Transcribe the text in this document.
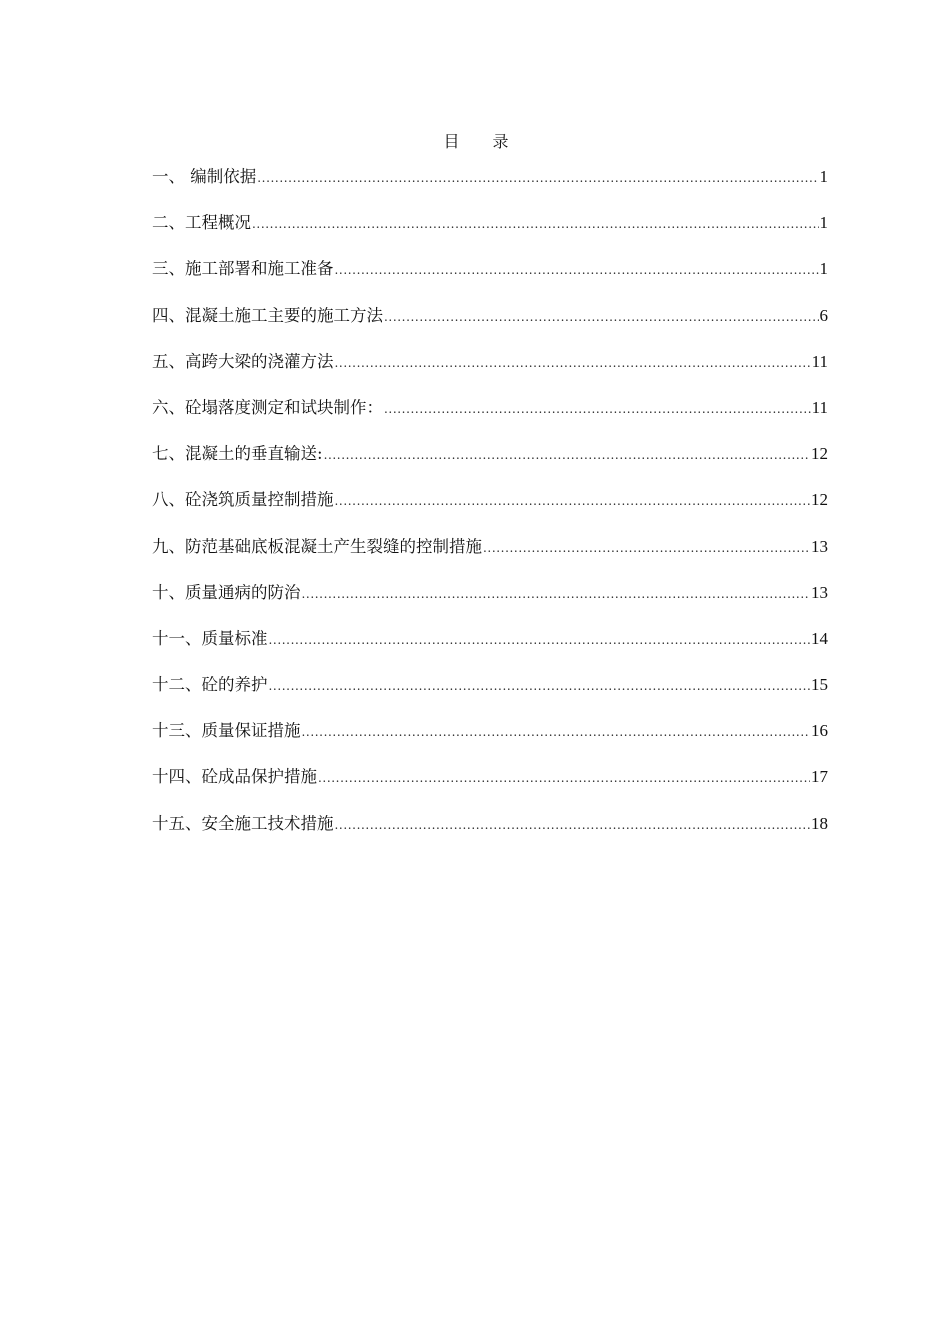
目 录
一、 编制依据 .....	1
二、工程概况 .....	1
三、施工部署和施工准备 .....	1
四、混凝土施工主要的施工方法 .....	6
五、高跨大梁的浇灌方法 .....	11
六、砼塌落度测定和试块制作： .....	11
七、混凝土的垂直输送: .....	12
八、砼浇筑质量控制措施 .....	12
九、防范基础底板混凝土产生裂缝的控制措施 .....	13
十、质量通病的防治 .....	13
十一、质量标准 .....	14
十二、砼的养护 .....	15
十三、质量保证措施 .....	16
十四、砼成品保护措施 .....	17
十五、安全施工技术措施 .....	18
